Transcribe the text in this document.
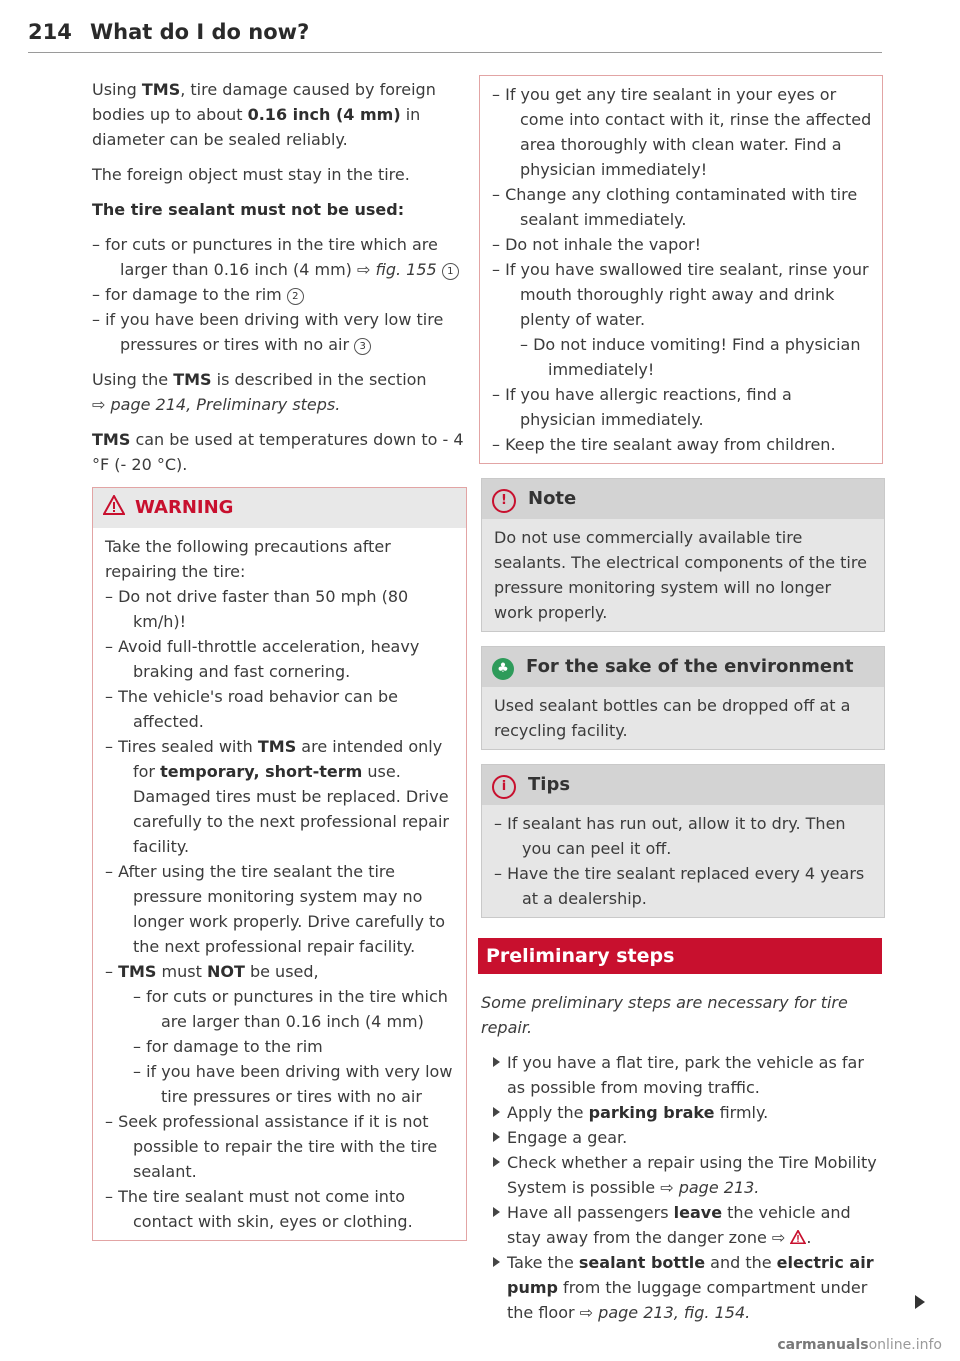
214 What do I do now?

Using TMS, tire damage caused by foreign bodies up to about 0.16 inch (4 mm) in diameter can be sealed reliably.

The foreign object must stay in the tire.

The tire sealant must not be used:

– for cuts or punctures in the tire which are larger than 0.16 inch (4 mm) ⇨ fig. 155 1
– for damage to the rim 2
– if you have been driving with very low tire pressures or tires with no air 3

Using the TMS is described in the section
⇨ page 214, Preliminary steps.

TMS can be used at temperatures down to - 4 °F (- 20 °C).

WARNING
Take the following precautions after repairing the tire:
– Do not drive faster than 50 mph (80 km/h)!
– Avoid full-throttle acceleration, heavy braking and fast cornering.
– The vehicle's road behavior can be affected.
– Tires sealed with TMS are intended only for temporary, short-term use. Damaged tires must be replaced. Drive carefully to the next professional repair facility.
– After using the tire sealant the tire pressure monitoring system may no longer work properly. Drive carefully to the next professional repair facility.
– TMS must NOT be used,
– for cuts or punctures in the tire which are larger than 0.16 inch (4 mm)
– for damage to the rim
– if you have been driving with very low tire pressures or tires with no air
– Seek professional assistance if it is not possible to repair the tire with the tire sealant.
– The tire sealant must not come into contact with skin, eyes or clothing.
– If you get any tire sealant in your eyes or come into contact with it, rinse the affected area thoroughly with clean water. Find a physician immediately!
– Change any clothing contaminated with tire sealant immediately.
– Do not inhale the vapor!
– If you have swallowed tire sealant, rinse your mouth thoroughly right away and drink plenty of water.
– Do not induce vomiting! Find a physician immediately!
– If you have allergic reactions, find a physician immediately.
– Keep the tire sealant away from children.
! Note
Do not use commercially available tire sealants. The electrical components of the tire pressure monitoring system will no longer work properly.
♣ For the sake of the environment
Used sealant bottles can be dropped off at a recycling facility.
i Tips
– If sealant has run out, allow it to dry. Then you can peel it off.
– Have the tire sealant replaced every 4 years at a dealership.
Preliminary steps

Some preliminary steps are necessary for tire repair.

If you have a flat tire, park the vehicle as far as possible from moving traffic.
Apply the parking brake firmly.
Engage a gear.
Check whether a repair using the Tire Mobility System is possible ⇨ page 213.
Have all passengers leave the vehicle and stay away from the danger zone ⇨ .
Take the sealant bottle and the electric air pump from the luggage compartment under the floor ⇨ page 213, fig. 154.
carmanualsonline.info
